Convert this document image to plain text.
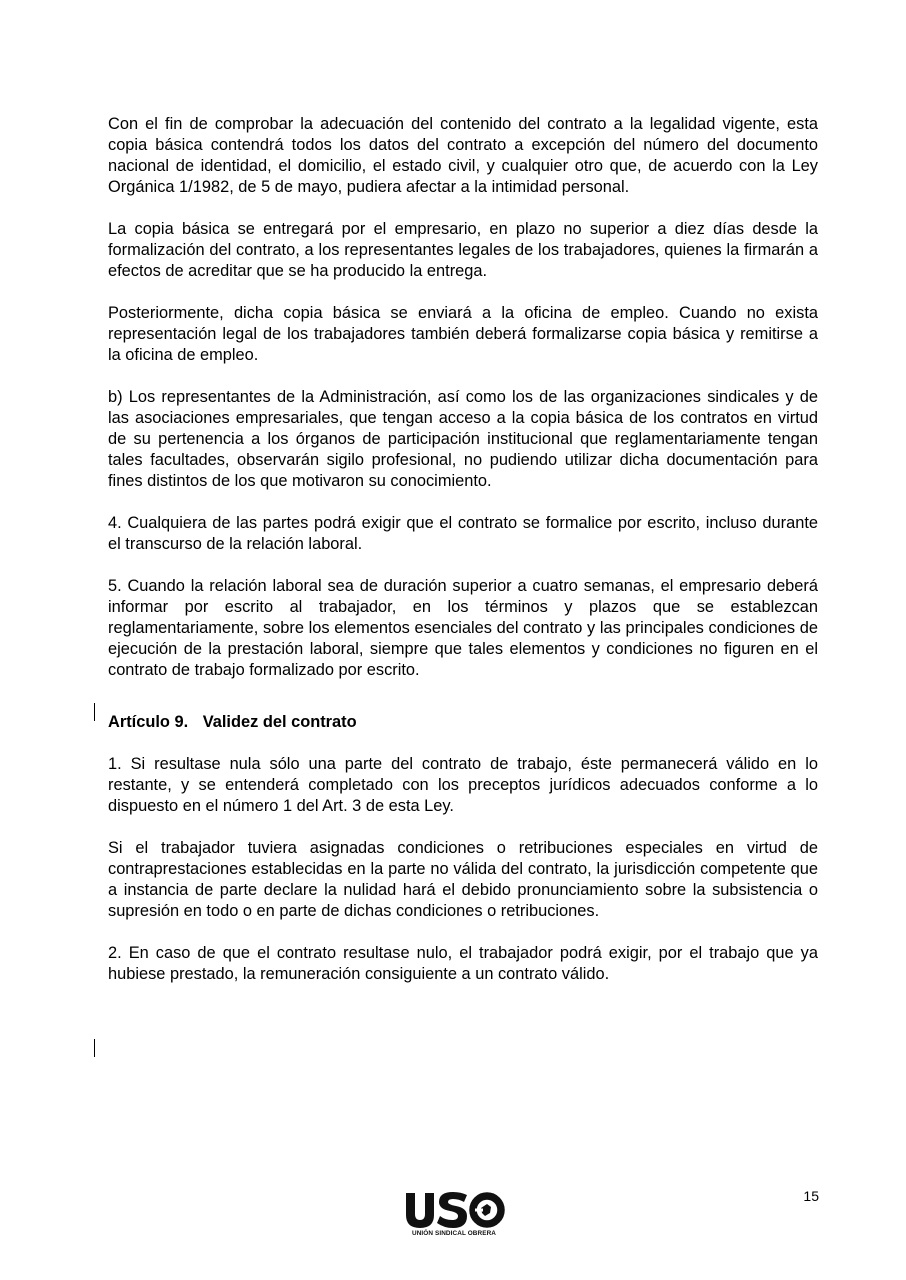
Con el fin de comprobar la adecuación del contenido del contrato a la legalidad vigente, esta copia básica contendrá todos los datos del contrato a excepción del número del documento nacional de identidad, el domicilio, el estado civil, y cualquier otro que, de acuerdo con la Ley Orgánica 1/1982, de 5 de mayo, pudiera afectar a la intimidad personal.

La copia básica se entregará por el empresario, en plazo no superior a diez días desde la formalización del contrato, a los representantes legales de los trabajadores, quienes la firmarán a efectos de acreditar que se ha producido la entrega.

Posteriormente, dicha copia básica se enviará a la oficina de empleo. Cuando no exista representación legal de los trabajadores también deberá formalizarse copia básica y remitirse a la oficina de empleo.

b) Los representantes de la Administración, así como los de las organizaciones sindicales y de las asociaciones empresariales, que tengan acceso a la copia básica de los contratos en virtud de su pertenencia a los órganos de participación institucional que reglamentariamente tengan tales facultades, observarán sigilo profesional, no pudiendo utilizar dicha documentación para fines distintos de los que motivaron su conocimiento.

4. Cualquiera de las partes podrá exigir que el contrato se formalice por escrito, incluso durante el transcurso de la relación laboral.

5. Cuando la relación laboral sea de duración superior a cuatro semanas, el empresario deberá informar por escrito al trabajador, en los términos y plazos que se establezcan reglamentariamente, sobre los elementos esenciales del contrato y las principales condiciones de ejecución de la prestación laboral, siempre que tales elementos y condiciones no figuren en el contrato de trabajo formalizado por escrito.

Artículo 9. Validez del contrato

1. Si resultase nula sólo una parte del contrato de trabajo, éste permanecerá válido en lo restante, y se entenderá completado con los preceptos jurídicos adecuados conforme a lo dispuesto en el número 1 del Art. 3 de esta Ley.

Si el trabajador tuviera asignadas condiciones o retribuciones especiales en virtud de contraprestaciones establecidas en la parte no válida del contrato, la jurisdicción competente que a instancia de parte declare la nulidad hará el debido pronunciamiento sobre la subsistencia o supresión en todo o en parte de dichas condiciones o retribuciones.

2. En caso de que el contrato resultase nulo, el trabajador podrá exigir, por el trabajo que ya hubiese prestado, la remuneración consiguiente a un contrato válido.

15
UNIÓN SINDICAL OBRERA
